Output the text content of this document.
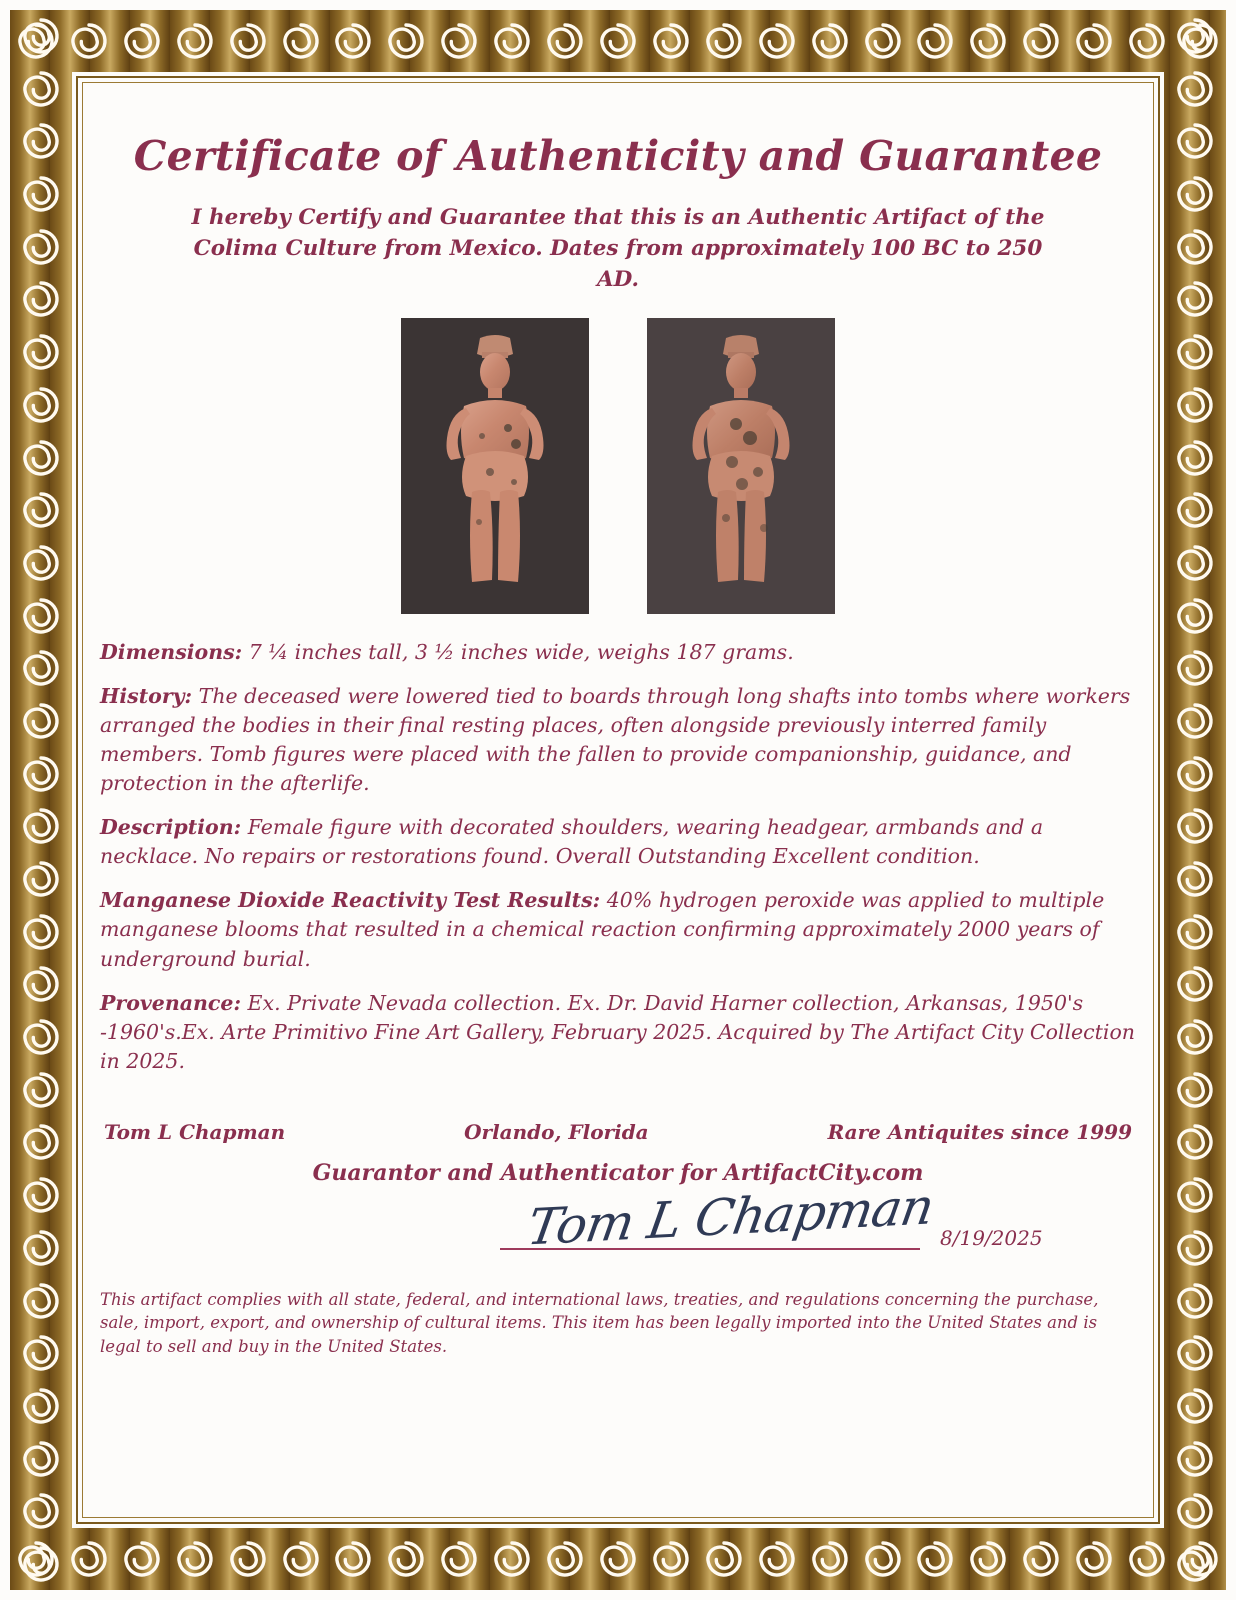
Certificate of Authenticity and Guarantee
I hereby Certify and Guarantee that this is an Authentic Artifact of the Colima Culture from Mexico. Dates from approximately 100 BC to 250 AD.
Dimensions: 7 ¼ inches tall, 3 ½ inches wide, weighs 187 grams.
History: The deceased were lowered tied to boards through long shafts into tombs where workers arranged the bodies in their final resting places, often alongside previously interred family members. Tomb figures were placed with the fallen to provide companionship, guidance, and protection in the afterlife.
Description: Female figure with decorated shoulders, wearing headgear, armbands and a necklace. No repairs or restorations found. Overall Outstanding Excellent condition.
Manganese Dioxide Reactivity Test Results: 40% hydrogen peroxide was applied to multiple manganese blooms that resulted in a chemical reaction confirming approximately 2000 years of underground burial.
Provenance: Ex. Private Nevada collection. Ex. Dr. David Harner collection, Arkansas, 1950's -1960's.Ex. Arte Primitivo Fine Art Gallery, February 2025. Acquired by The Artifact City Collection in 2025.
Tom L Chapman	Orlando, Florida	Rare Antiquites since 1999
Guarantor and Authenticator for ArtifactCity.com
Tom L Chapman 8/19/2025
This artifact complies with all state, federal, and international laws, treaties, and regulations concerning the purchase, sale, import, export, and ownership of cultural items. This item has been legally imported into the United States and is legal to sell and buy in the United States.
